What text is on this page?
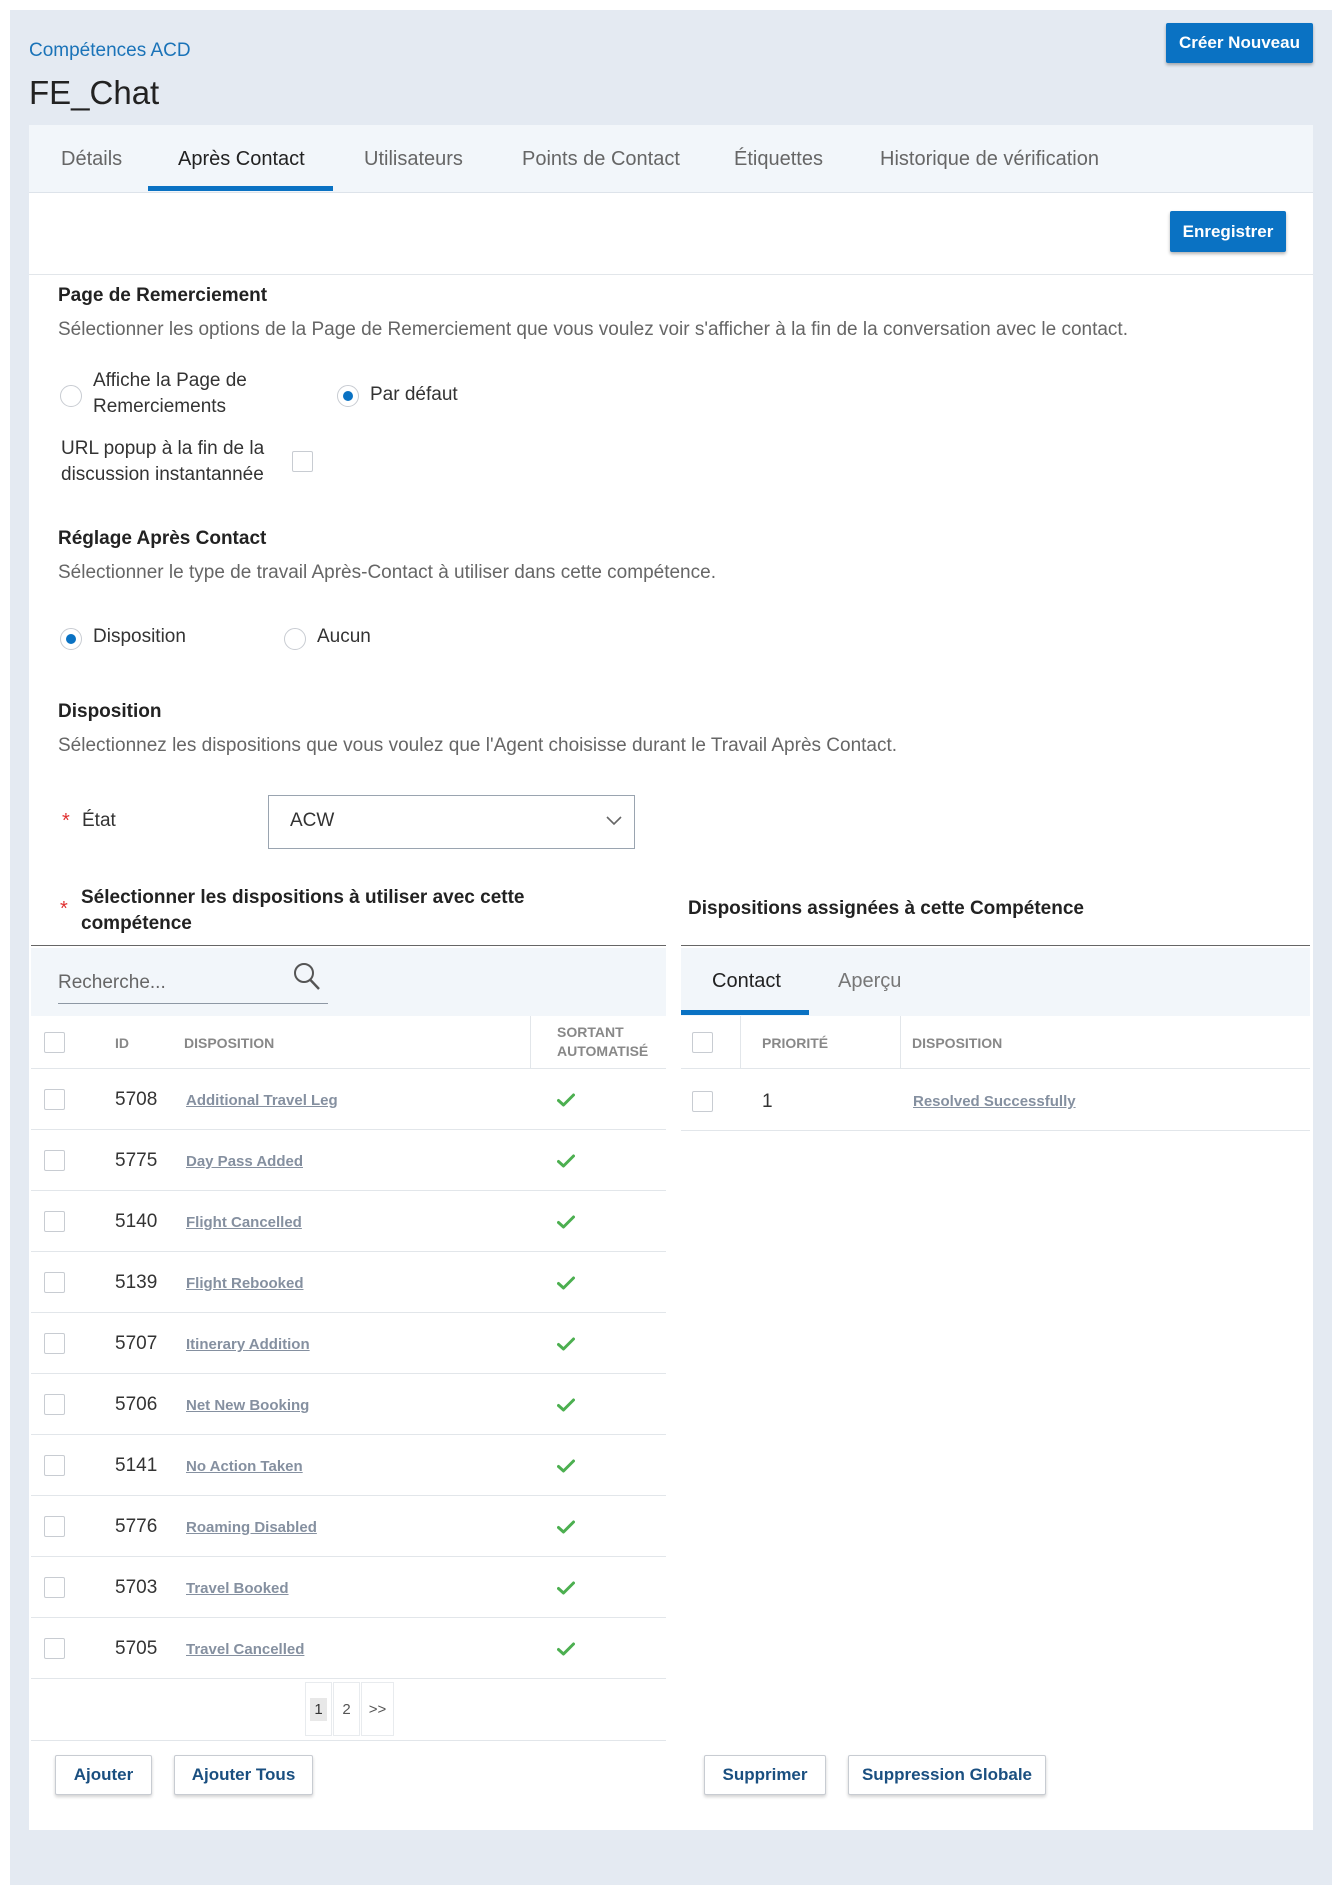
Compétences ACD
FE_Chat
Créer Nouveau
Détails	Après Contact	Utilisateurs	Points de Contact	Étiquettes	Historique de vérification
Enregistrer
Page de Remerciement
Sélectionner les options de la Page de Remerciement que vous voulez voir s'afficher à la fin de la conversation avec le contact.
Affiche la Page de Remerciements
Par défaut
URL popup à la fin de la discussion instantannée
Réglage Après Contact
Sélectionner le type de travail Après-Contact à utiliser dans cette compétence.
Disposition	Aucun
Disposition
Sélectionnez les dispositions que vous voulez que l'Agent choisisse durant le Travail Après Contact.
* État	ACW
*
Sélectionner les dispositions à utiliser avec cette compétence
Recherche...
ID	DISPOSITION
SORTANT AUTOMATISÉ
5708 Additional Travel Leg
5775 Day Pass Added
5140 Flight Cancelled
5139 Flight Rebooked
5707 Itinerary Addition
5706 Net New Booking
5141 No Action Taken
5776 Roaming Disabled
5703 Travel Booked
5705 Travel Cancelled
1 2 >>
Ajouter	Ajouter Tous
Dispositions assignées à cette Compétence
Contact	Aperçu
PRIORITÉ	DISPOSITION
1	Resolved Successfully
Supprimer	Suppression Globale
